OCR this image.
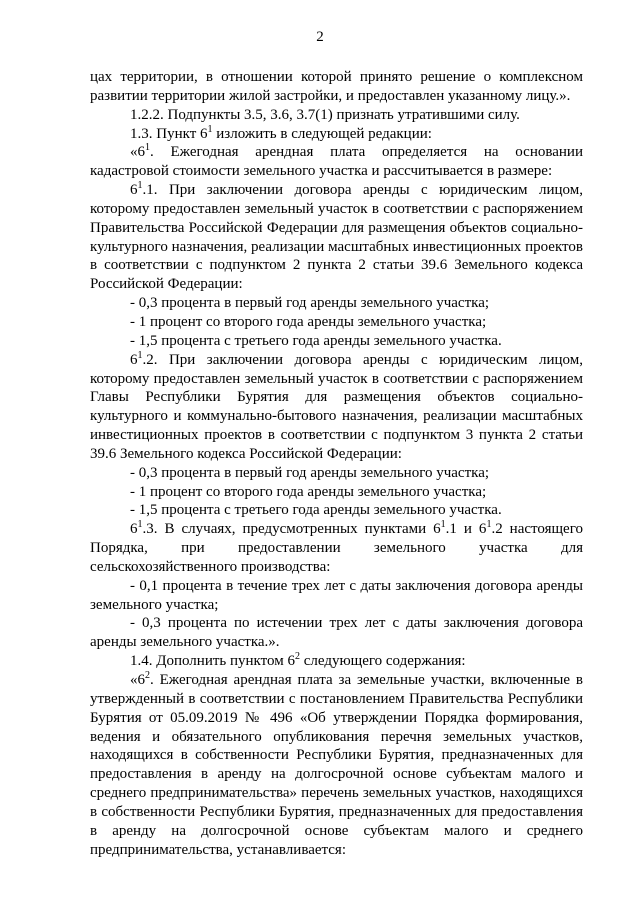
2

цах территории, в отношении которой принято решение о комплексном развитии территории жилой застройки, и предоставлен указанному лицу.».

1.2.2. Подпункты 3.5, 3.6, 3.7(1) признать утратившими силу.

1.3. Пункт $6^1$ изложить в следующей редакции:

«$6^1$. Ежегодная арендная плата определяется на основании кадастровой стоимости земельного участка и рассчитывается в размере:

$6^1.1$. При заключении договора аренды с юридическим лицом, которому предоставлен земельный участок в соответствии с распоряжением Правительства Российской Федерации для размещения объектов социально-культурного назначения, реализации масштабных инвестиционных проектов в соответствии с подпунктом 2 пункта 2 статьи 39.6 Земельного кодекса Российской Федерации:

- 0,3 процента в первый год аренды земельного участка;

- 1 процент со второго года аренды земельного участка;

- 1,5 процента с третьего года аренды земельного участка.

$6^1.2$. При заключении договора аренды с юридическим лицом, которому предоставлен земельный участок в соответствии с распоряжением Главы Республики Бурятия для размещения объектов социально-культурного и коммунально-бытового назначения, реализации масштабных инвестиционных проектов в соответствии с подпунктом 3 пункта 2 статьи 39.6 Земельного кодекса Российской Федерации:

- 0,3 процента в первый год аренды земельного участка;

- 1 процент со второго года аренды земельного участка;

- 1,5 процента с третьего года аренды земельного участка.

$6^1.3$. В случаях, предусмотренных пунктами $6^1.1$ и $6^1.2$ настоящего Порядка, при предоставлении земельного участка для сельскохозяйственного производства:

- 0,1 процента в течение трех лет с даты заключения договора аренды земельного участка;

- 0,3 процента по истечении трех лет с даты заключения договора аренды земельного участка.».

1.4. Дополнить пунктом $6^2$ следующего содержания:

«$6^2$. Ежегодная арендная плата за земельные участки, включенные в утвержденный в соответствии с постановлением Правительства Республики Бурятия от 05.09.2019 № 496 «Об утверждении Порядка формирования, ведения и обязательного опубликования перечня земельных участков, находящихся в собственности Республики Бурятия, предназначенных для предоставления в аренду на долгосрочной основе субъектам малого и среднего предпринимательства» перечень земельных участков, находящихся в собственности Республики Бурятия, предназначенных для предоставления в аренду на долгосрочной основе субъектам малого и среднего предпринимательства, устанавливается:
